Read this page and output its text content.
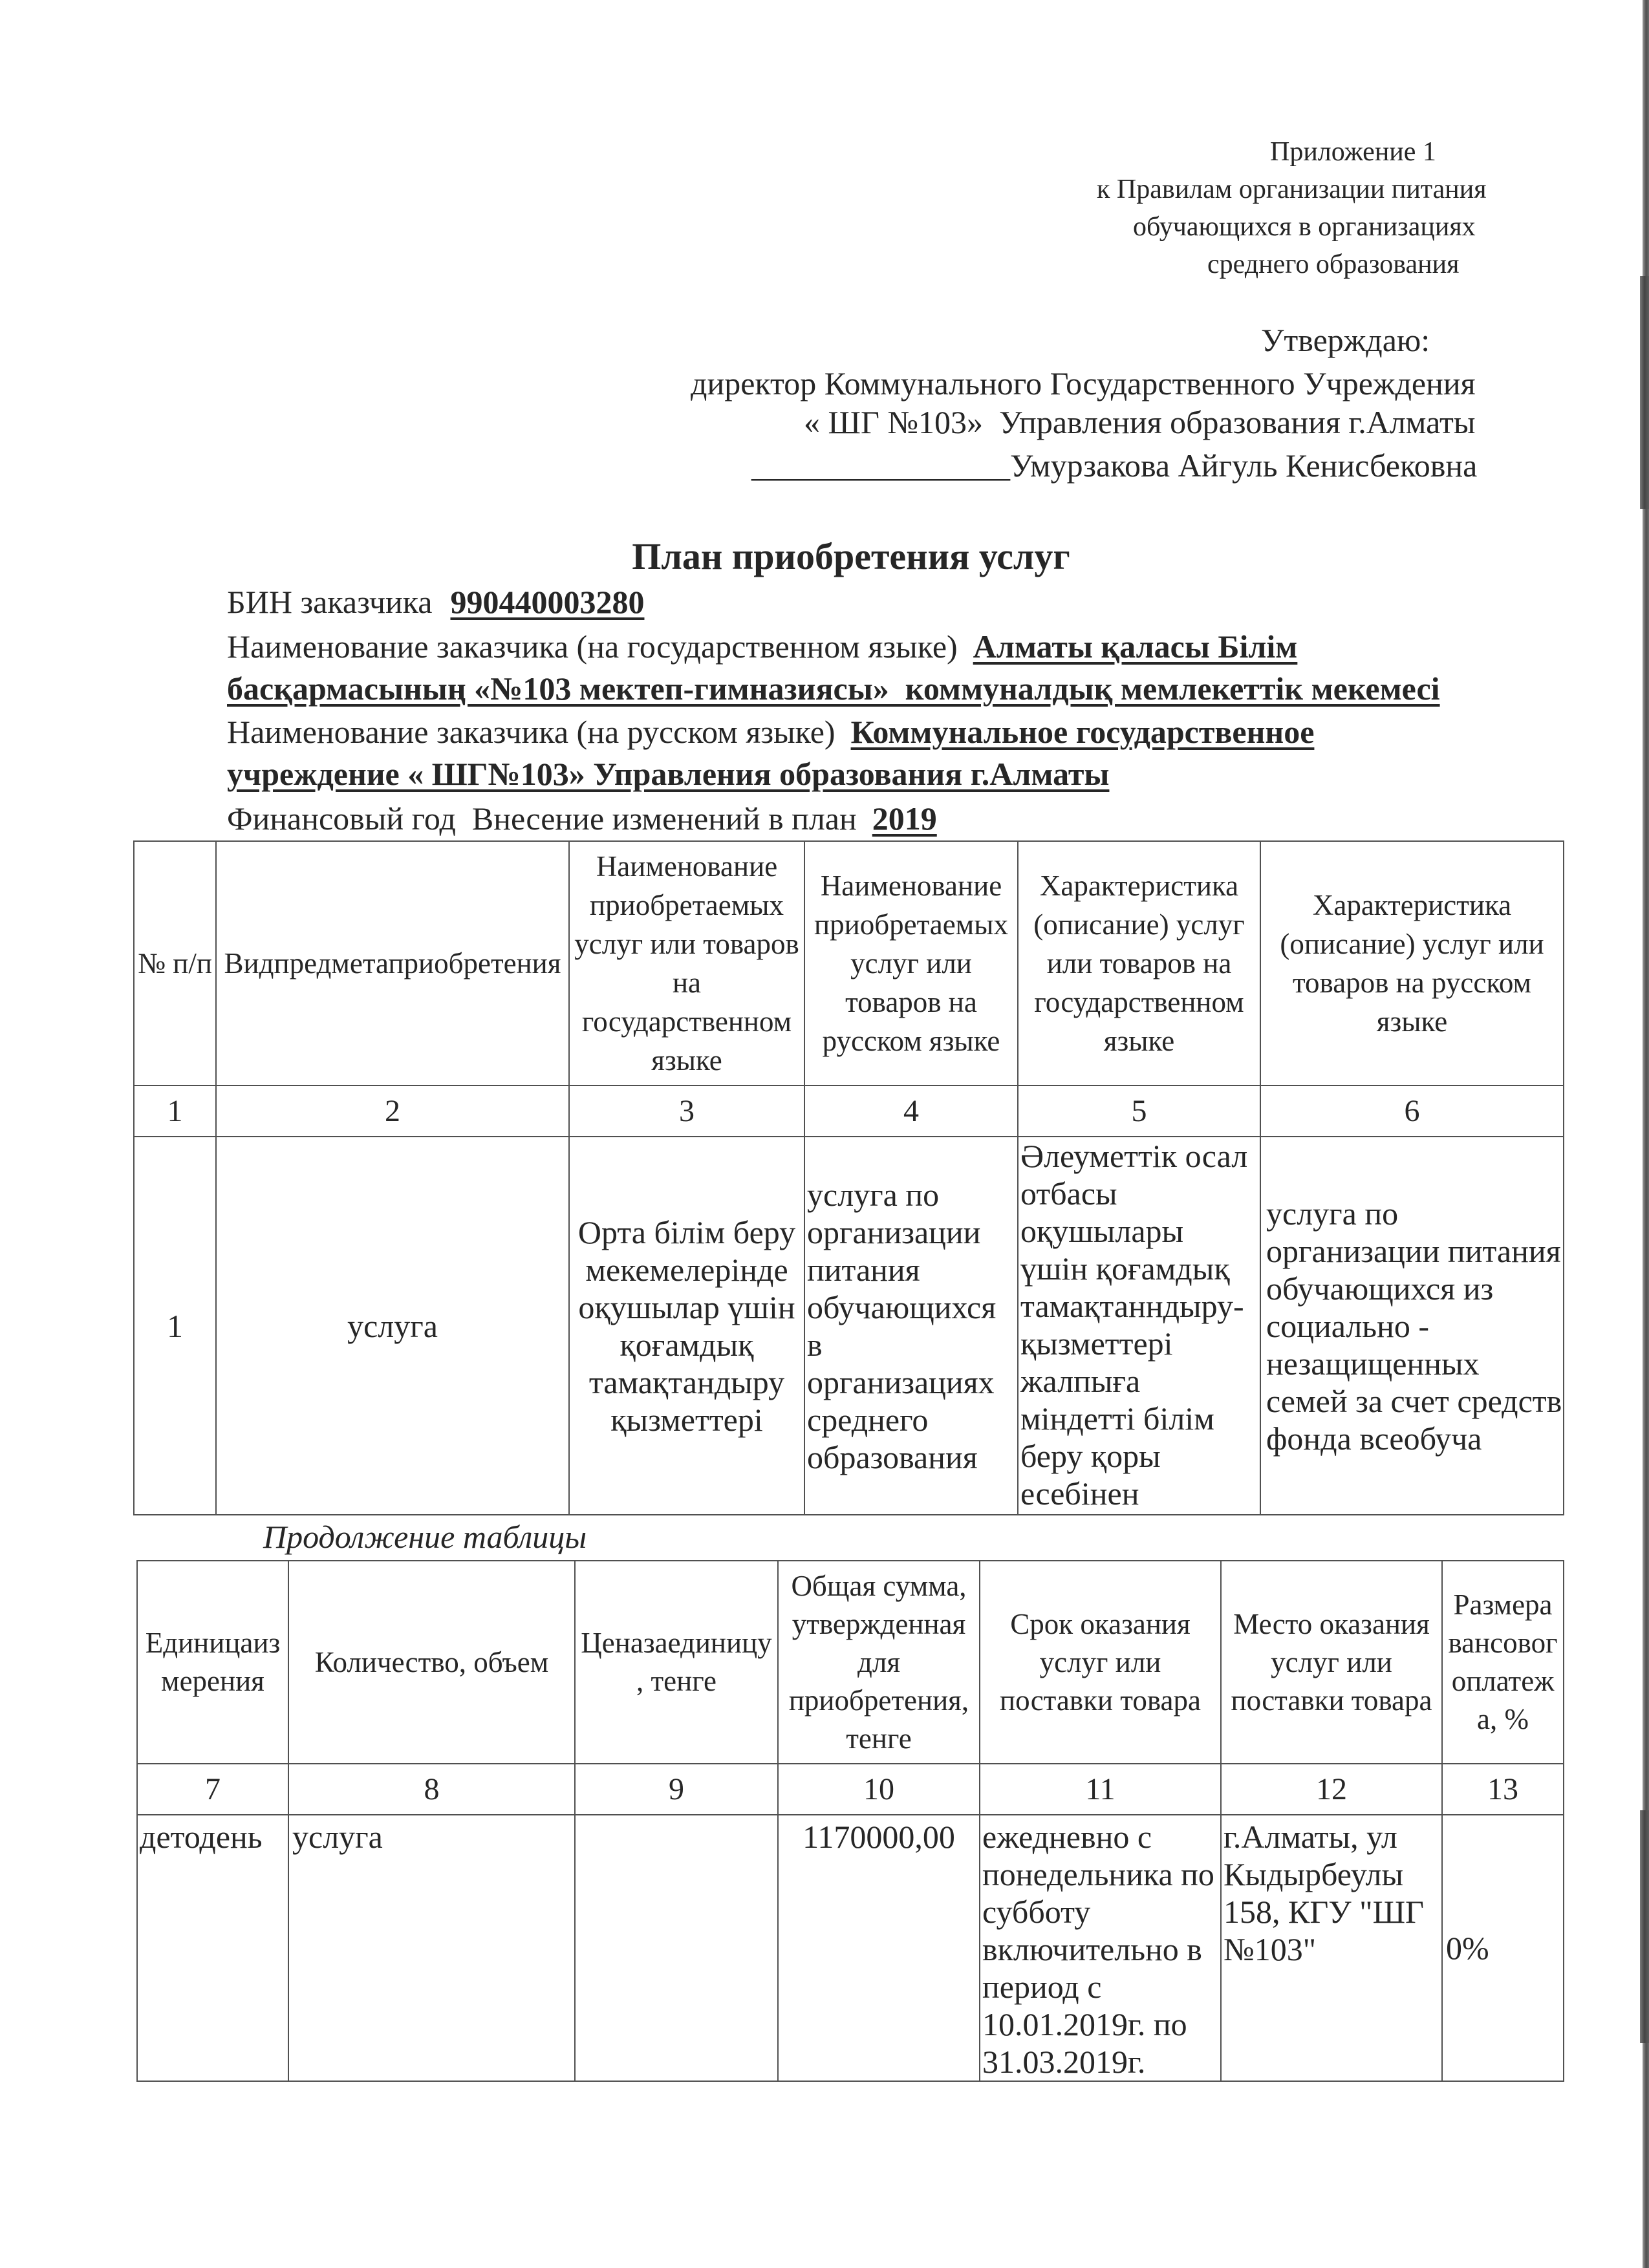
Приложение 1
к Правилам организации питания
обучающихся в организациях
среднего образования
Утверждаю:
директор Коммунального Государственного Учреждения
« ШГ №103»  Управления образования г.Алматы
________________Умурзакова Айгуль Кенисбековна
План приобретения услуг
БИН заказчика 990440003280
Наименование заказчика (на государственном языке) Алматы қаласы Білім
басқармасының «№103 мектеп-гимназиясы»  коммуналдық мемлекеттік мекемесі
Наименование заказчика (на русском языке) Коммунальное государственное
учреждение « ШГ№103» Управления образования г.Алматы
Финансовый год  Внесение изменений в план 2019
№ п/п	Видпредметаприобретения	Наименование
приобретаемых
услуг или товаров
на
государственном
языке	Наименование
приобретаемых
услуг или
товаров на
русском языке	Характеристика
(описание) услуг
или товаров на
государственном
языке	Характеристика
(описание) услуг или
товаров на русском
языке
1	2	3	4	5	6
1	услуга	Орта білім беру
мекемелерінде
оқушылар үшін
қоғамдық
тамақтандыру
қызметтері	услуга по
организации
питания
обучающихся
в
организациях
среднего
образования	Әлеуметтік осал
отбасы
оқушылары
үшін қоғамдық
тамақтанндыру-
қызметтері
жалпыға
міндетті білім
беру қоры
есебінен	услуга по
организации питания
обучающихся из
социально -
незащищенных
семей за счет средств
фонда всеобуча
Продолжение таблицы
Единицаиз
мерения	Количество, объем	Ценазаединицу
, тенге	Общая сумма,
утвержденная
для
приобретения,
тенге	Срок оказания
услуг или
поставки товара	Место оказания
услуг или
поставки товара	Размера
вансовог
оплатеж
а, %
7	8	9	10	11	12	13
детодень	услуга		1170000,00	ежедневно с
понедельника по
субботу
включительно в
период с
10.01.2019г. по
31.03.2019г.	г.Алматы, ул
Кыдырбеулы
158, КГУ "ШГ
№103"	0%
